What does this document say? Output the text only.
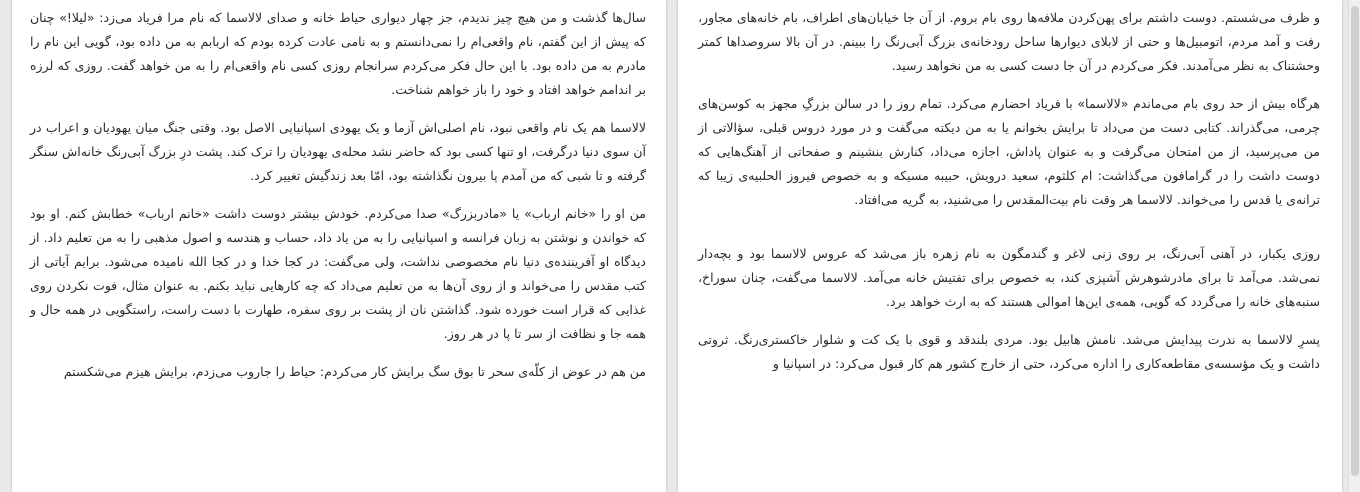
سال‌ها گذشت و من هیچ چیز ندیدم، جز چهار دیواری حیاط خانه و صدای لالاسما که نام مرا فریاد می‌زد: «لیلا!» چنان که پیش از این گفتم، نام واقعی‌ام را نمی‌دانستم و به نامی عادت کرده بودم که اربابم به من داده بود، گویی این نام را مادرم به من داده بود. با این حال فکر می‌کردم سرانجام روزی کسی نام واقعی‌ام را به من خواهد گفت. روزی که لرزه بر اندامم خواهد افتاد و خود را باز خواهم شناخت.

لالاسما هم یک نام واقعی نبود، نام اصلی‌اش آزما و یک یهودی اسپانیایی الاصل بود. وقتی جنگ میان یهودیان و اعراب در آن سوی دنیا درگرفت، او تنها کسی بود که حاضر نشد محله‌ی یهودیان را ترک کند. پشت درِ بزرگ آبی‌رنگ خانه‌اش سنگر گرفته و تا شبی که من آمدم پا بیرون نگذاشته بود، امّا بعد زندگیش تغییر کرد.

من او را «خانم ارباب» یا «مادربزرگ» صدا می‌کردم. خودش بیشتر دوست داشت «خانم ارباب» خطابش کنم. او بود که خواندن و نوشتن به زبان فرانسه و اسپانیایی را به من یاد داد، حساب و هندسه و اصول مذهبی را به من تعلیم داد. از دیدگاه او آفریننده‌ی دنیا نام مخصوصی نداشت، ولی می‌گفت: در کجا خدا و در کجا الله نامیده می‌شود. برایم آیاتی از کتب مقدس را می‌خواند و از روی آن‌ها به من تعلیم می‌داد که چه کارهایی نباید بکنم. به عنوان مثال، فوت نکردن روی غذایی که قرار است خورده شود. گذاشتن نان از پشت بر روی سفره، طهارت با دست راست، راستگویی در همه حال و همه جا و نظافت از سر تا پا در هر روز.

من هم در عوض از کلّه‌ی سحر تا بوق سگ برایش کار می‌کردم: حیاط را جاروب می‌زدم، برایش هیزم می‌شکستم

و ظرف می‌شستم. دوست داشتم برای پهن‌کردن ملافه‌ها روی بام بروم. از آن جا خیابان‌های اطراف، بام خانه‌های مجاور، رفت و آمد مردم، اتومبیل‌ها و حتی از لابلای دیوارها ساحل رودخانه‌ی بزرگ آبی‌رنگ را ببینم. در آن بالا سروصداها کمتر وحشتناک به نظر می‌آمدند. فکر می‌کردم در آن جا دست کسی به من نخواهد رسید.

هرگاه بیش از حد روی بام می‌ماندم «لالاسما» با فریاد احضارم می‌کرد. تمام روز را در سالن بزرگِ مجهز به کوسن‌های چرمی، می‌گذراند. کتابی دست من می‌داد تا برایش بخوانم یا به من دیکته می‌گفت و در مورد دروس قبلی، سؤالاتی از من می‌پرسید، از من امتحان می‌گرفت و به عنوان پاداش، اجازه می‌داد، کنارش بنشینم و صفحاتی از آهنگ‌هایی که دوست داشت را در گرامافون می‌گذاشت: ام کلثوم، سعید درویش، حبیبه مسیکه و به خصوص فیروز الحلبیه‌ی زیبا که ترانه‌ی یا قدس را می‌خواند. لالاسما هر وقت نام بیت‌المقدس را می‌شنید، به گریه می‌افتاد.

روزی یکبار، در آهنی آبی‌رنگ، بر روی زنی لاغر و گندمگون به نام زهره باز می‌شد که عروس لالاسما بود و بچه‌دار نمی‌شد. می‌آمد تا برای مادرشوهرش آشپزی کند، به خصوص برای تفتیش خانه می‌آمد. لالاسما می‌گفت، چنان سوراخ، سنبه‌های خانه را می‌گردد که گویی، همه‌ی این‌ها اموالی هستند که به ارث خواهد برد.

پسرِ لالاسما به ندرت پیدایش می‌شد. نامش هابیل بود. مردی بلندقد و قوی با یک کت و شلوار خاکستری‌رنگ. ثروتی داشت و یک مؤسسه‌ی مقاطعه‌کاری را اداره می‌کرد، حتی از خارج کشور هم کار قبول می‌کرد: در اسپانیا و
